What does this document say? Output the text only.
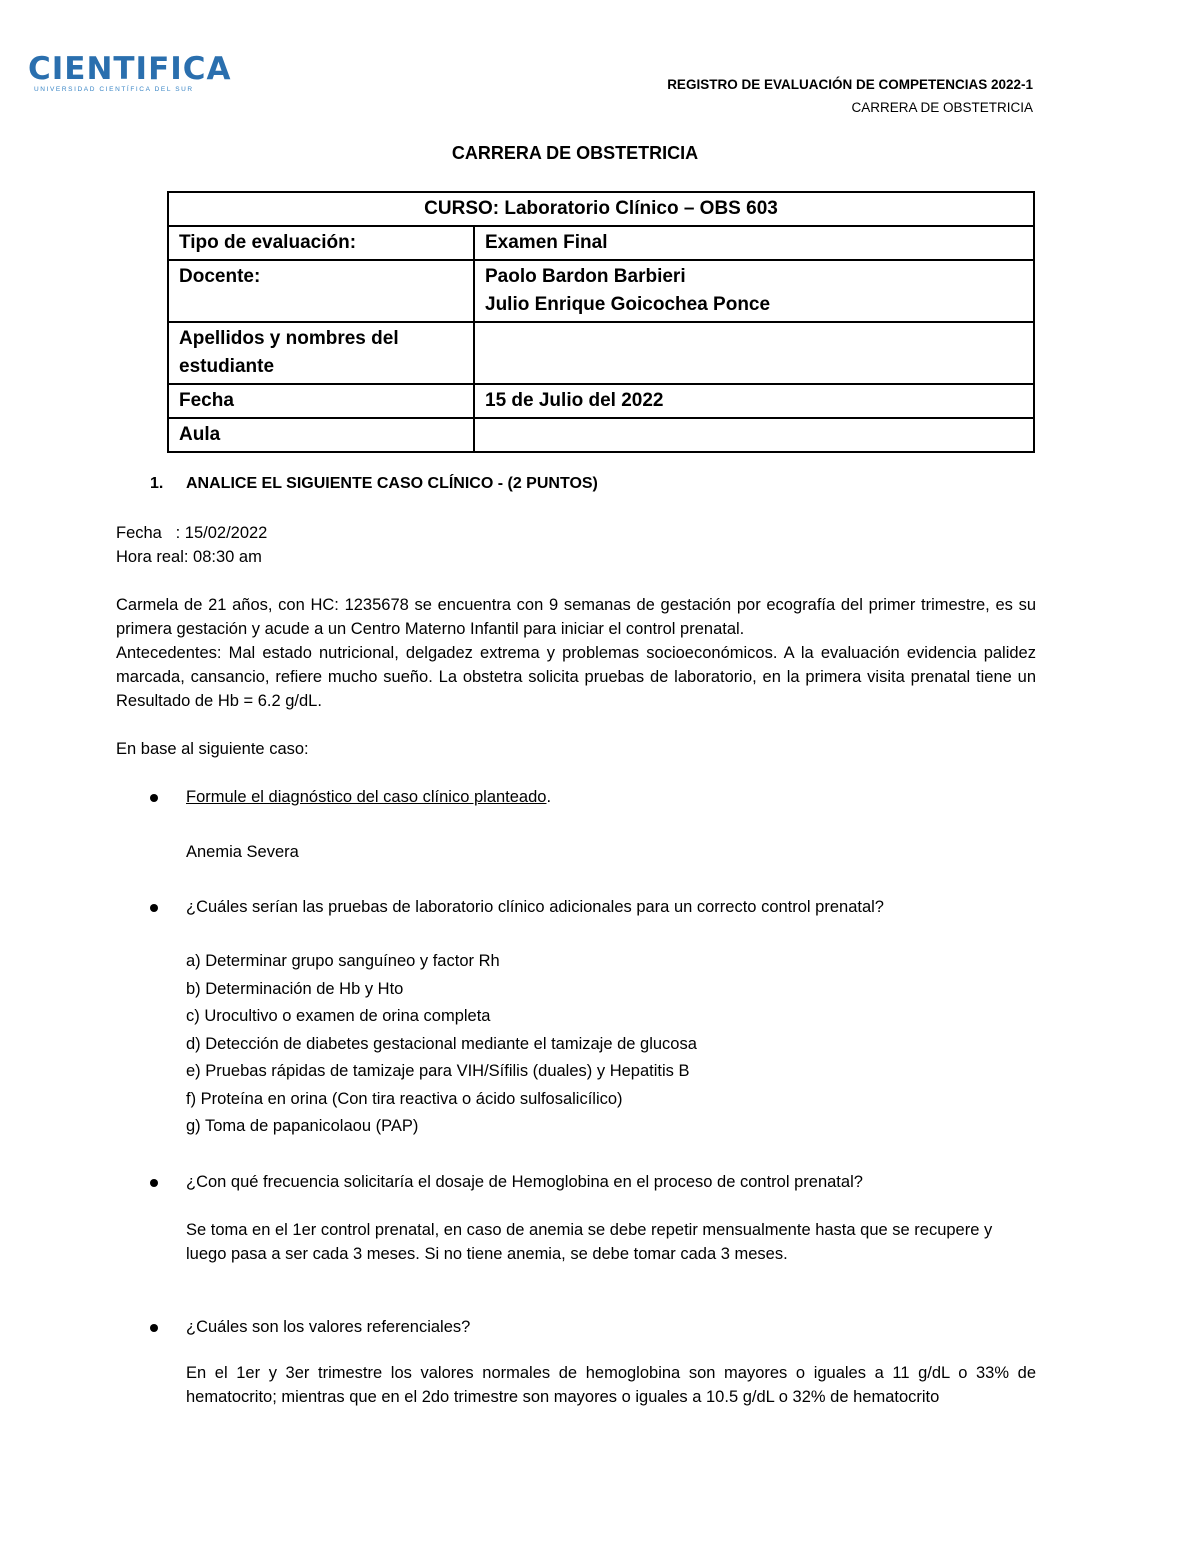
CIENTIFICA
UNIVERSIDAD CIENTÍFICA DEL SUR	REGISTRO DE EVALUACIÓN DE COMPETENCIAS 2022-1
CARRERA DE OBSTETRICIA
CARRERA DE OBSTETRICIA
CURSO: Laboratorio Clínico – OBS 603	
Tipo de evaluación:	Examen Final
Docente:	Paolo Bardon Barbieri
Julio Enrique Goicochea Ponce

Apellidos y nombres del estudiante	
Fecha	15 de Julio del 2022
Aula	
1. ANALICE EL SIGUIENTE CASO CLÍNICO - (2 PUNTOS)
Fecha   : 15/02/2022
Hora real: 08:30 am
Carmela de 21 años, con HC: 1235678 se encuentra con 9 semanas de gestación por ecografía del primer trimestre, es su primera gestación y acude a un Centro Materno Infantil para iniciar el control prenatal.
Antecedentes: Mal estado nutricional, delgadez extrema y problemas socioeconómicos. A la evaluación evidencia palidez marcada, cansancio, refiere mucho sueño. La obstetra solicita pruebas de laboratorio, en la primera visita prenatal tiene un Resultado de Hb = 6.2 g/dL.
En base al siguiente caso:
Formule el diagnóstico del caso clínico planteado.
Anemia Severa
¿Cuáles serían las pruebas de laboratorio clínico adicionales para un correcto control prenatal?
a) Determinar grupo sanguíneo y factor Rh
b) Determinación de Hb y Hto
c) Urocultivo o examen de orina completa
d) Detección de diabetes gestacional mediante el tamizaje de glucosa
e) Pruebas rápidas de tamizaje para VIH/Sífilis (duales) y Hepatitis B
f) Proteína en orina (Con tira reactiva o ácido sulfosalicílico)
g) Toma de papanicolaou (PAP)
¿Con qué frecuencia solicitaría el dosaje de Hemoglobina en el proceso de control prenatal?
Se toma en el 1er control prenatal, en caso de anemia se debe repetir mensualmente hasta que se recupere y luego pasa a ser cada 3 meses. Si no tiene anemia, se debe tomar cada 3 meses.
¿Cuáles son los valores referenciales?
En el 1er y 3er trimestre los valores normales de hemoglobina son mayores o iguales a 11 g/dL o 33% de hematocrito; mientras que en el 2do trimestre son mayores o iguales a 10.5 g/dL o 32% de hematocrito
